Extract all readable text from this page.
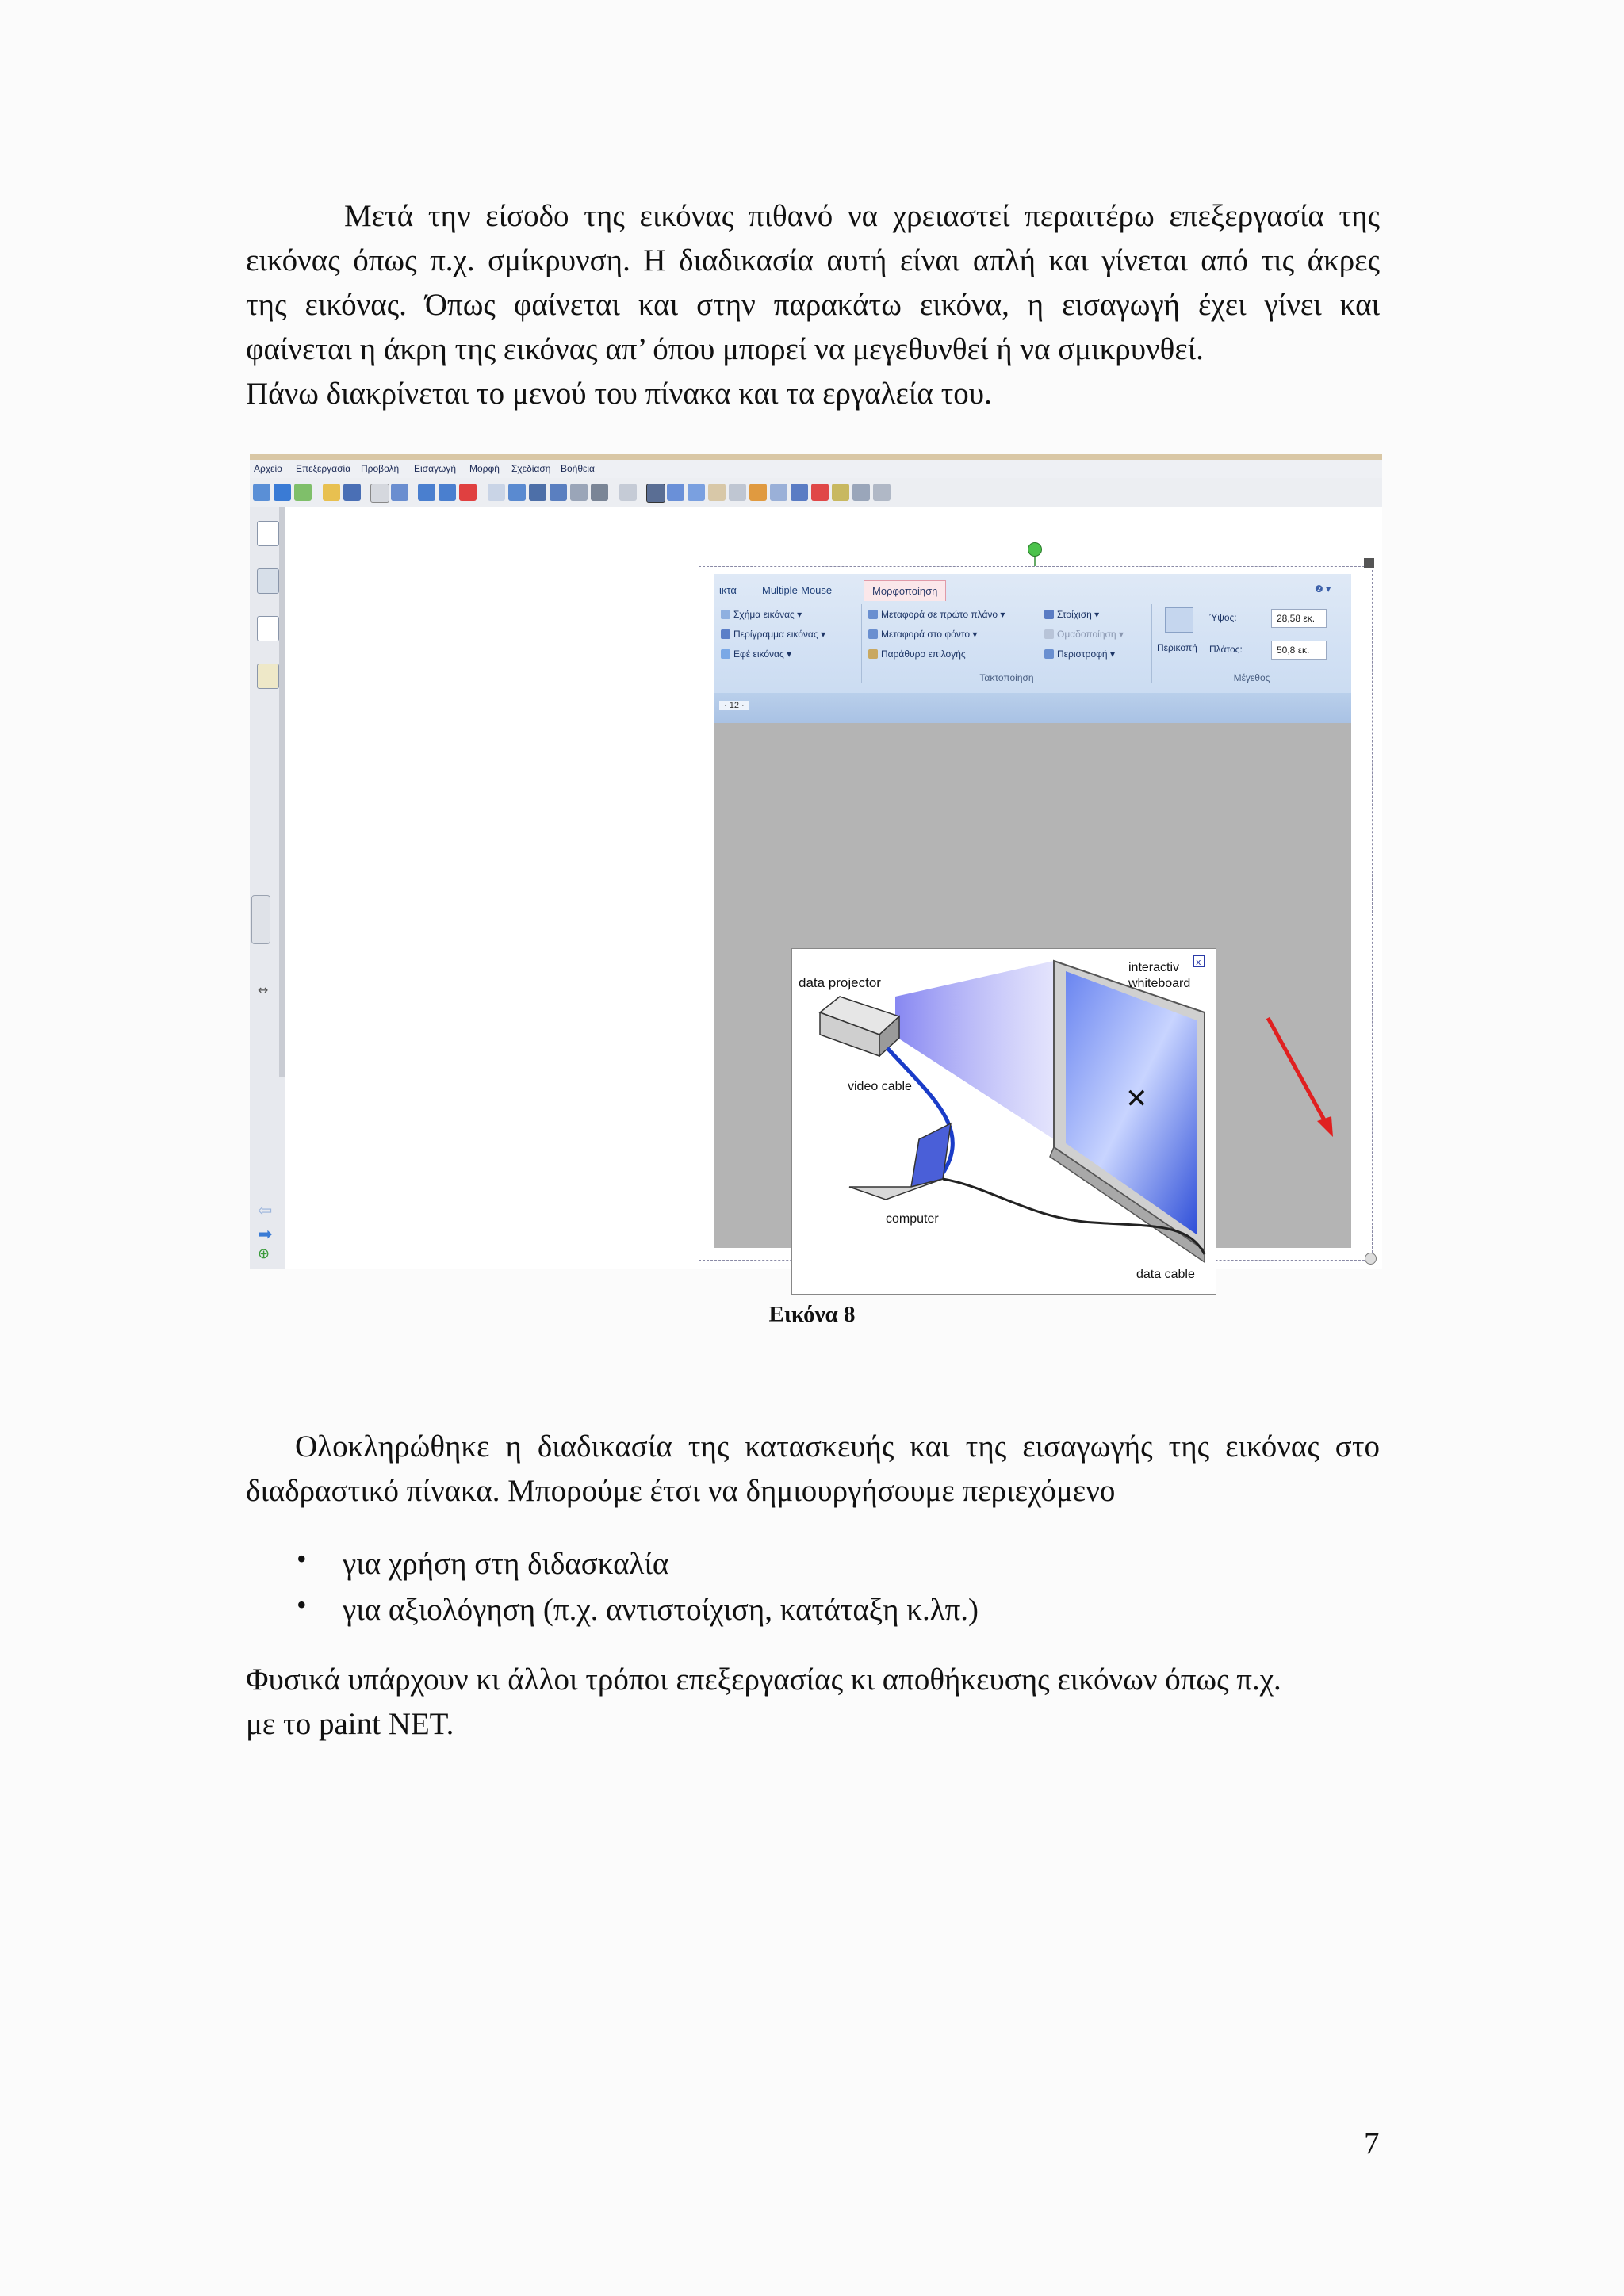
Μετά την είσοδο της εικόνας πιθανό να χρειαστεί περαιτέρω επεξεργασία της
εικόνας όπως π.χ. σμίκρυνση. Η διαδικασία αυτή είναι απλή και γίνεται από τις άκρες
της εικόνας. Όπως φαίνεται και στην παρακάτω εικόνα, η εισαγωγή έχει γίνει και
φαίνεται η άκρη της εικόνας απ’ όπου μπορεί να μεγεθυνθεί ή να σμικρυνθεί.
Πάνω διακρίνεται το μενού του πίνακα και τα εργαλεία του.
Αρχείο Επεξεργασία Προβολή Εισαγωγή Μορφή Σχεδίαση Βοήθεια
↔
⇦
➡
⊕
ικτα	Multiple-Mouse	Μορφοποίηση	❷ ▾
Σχήμα εικόνας ▾
Περίγραμμα εικόνας ▾
Εφέ εικόνας ▾
Μεταφορά σε πρώτο πλάνο ▾
Μεταφορά στο φόντο ▾
Παράθυρο επιλογής
Στοίχιση ▾
Ομαδοποίηση ▾
Περιστροφή ▾
Τακτοποίηση
Περικοπή
Ύψος:	28,58 εκ.
Πλάτος:	50,8 εκ.
Μέγεθος
· 12 ·
✕
x
data projector
interactiv
whiteboard
video cable
computer
data cable
Εικόνα 8
Ολοκληρώθηκε η διαδικασία της κατασκευής και της εισαγωγής της εικόνας στο
διαδραστικό πίνακα. Μπορούμε έτσι να δημιουργήσουμε περιεχόμενο
• για χρήση στη διδασκαλία
• για αξιολόγηση (π.χ. αντιστοίχιση, κατάταξη κ.λπ.)
Φυσικά υπάρχουν κι άλλοι τρόποι επεξεργασίας κι αποθήκευσης εικόνων όπως π.χ.
με το paint NET.
7
